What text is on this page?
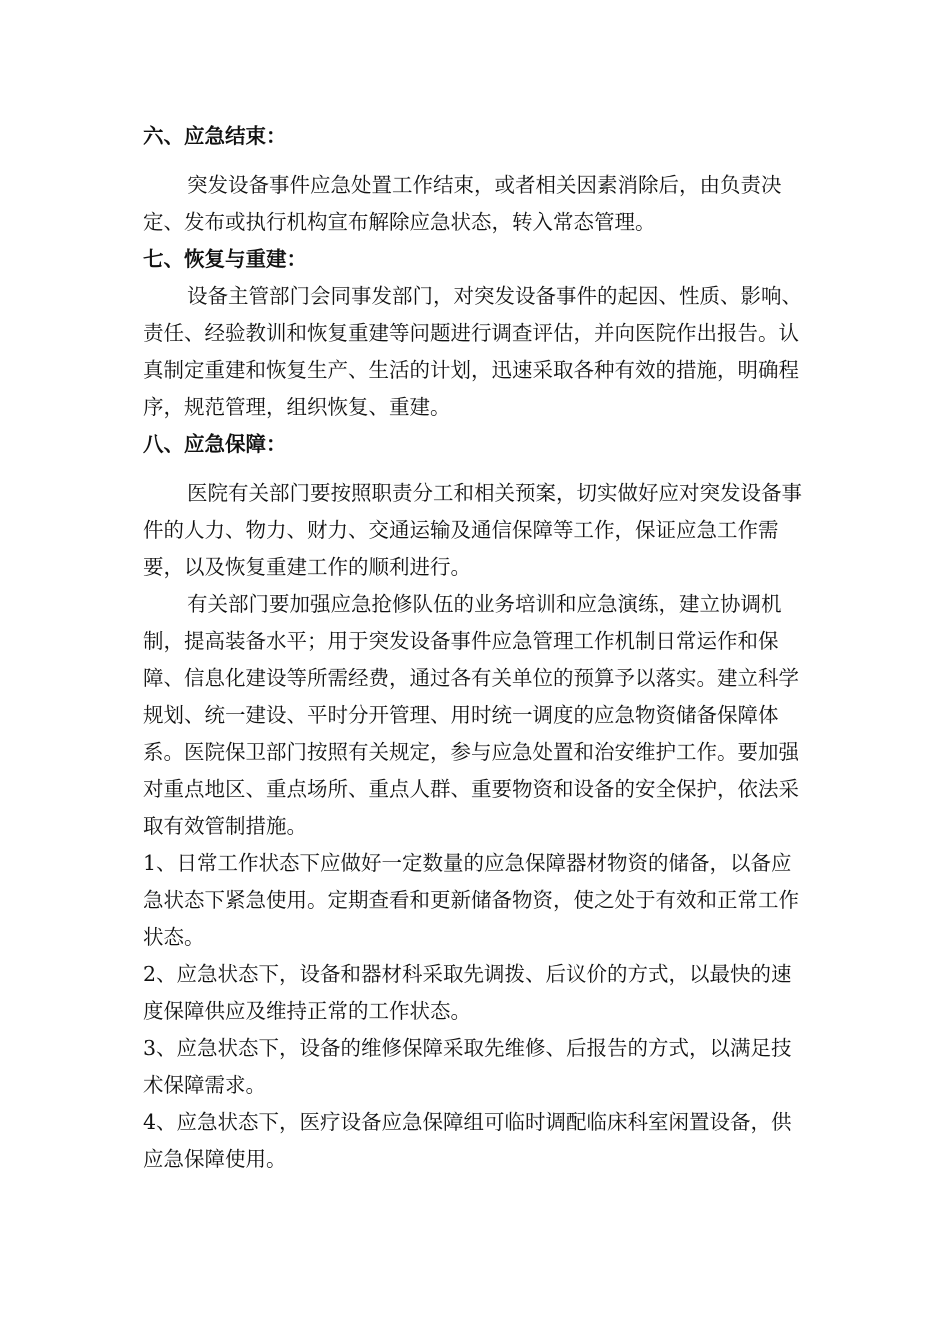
六、应急结束：

突发设备事件应急处置工作结束，或者相关因素消除后，由负责决定、发布或执行机构宣布解除应急状态，转入常态管理。

七、恢复与重建：

设备主管部门会同事发部门，对突发设备事件的起因、性质、影响、责任、经验教训和恢复重建等问题进行调查评估，并向医院作出报告。认真制定重建和恢复生产、生活的计划，迅速采取各种有效的措施，明确程序，规范管理，组织恢复、重建。

八、应急保障：

医院有关部门要按照职责分工和相关预案，切实做好应对突发设备事件的人力、物力、财力、交通运输及通信保障等工作，保证应急工作需要，以及恢复重建工作的顺利进行。

有关部门要加强应急抢修队伍的业务培训和应急演练，建立协调机制，提高装备水平；用于突发设备事件应急管理工作机制日常运作和保障、信息化建设等所需经费，通过各有关单位的预算予以落实。建立科学规划、统一建设、平时分开管理、用时统一调度的应急物资储备保障体系。医院保卫部门按照有关规定，参与应急处置和治安维护工作。要加强对重点地区、重点场所、重点人群、重要物资和设备的安全保护，依法采取有效管制措施。

1、日常工作状态下应做好一定数量的应急保障器材物资的储备，以备应急状态下紧急使用。定期查看和更新储备物资，使之处于有效和正常工作状态。

2、应急状态下，设备和器材科采取先调拨、后议价的方式，以最快的速度保障供应及维持正常的工作状态。

3、应急状态下，设备的维修保障采取先维修、后报告的方式，以满足技术保障需求。

4、应急状态下，医疗设备应急保障组可临时调配临床科室闲置设备，供应急保障使用。
